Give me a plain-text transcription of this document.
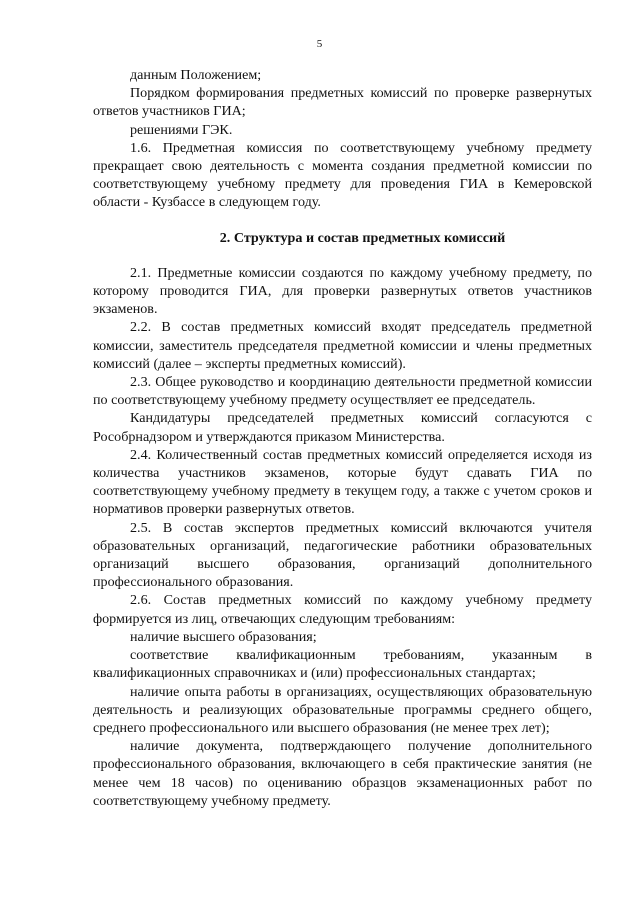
5

данным Положением;

Порядком формирования предметных комиссий по проверке развернутых ответов участников ГИА;

решениями ГЭК.

1.6. Предметная комиссия по соответствующему учебному предмету прекращает свою деятельность с момента создания предметной комиссии по соответствующему учебному предмету для проведения ГИА в Кемеровской области - Кузбассе в следующем году.

2. Структура и состав предметных комиссий

2.1. Предметные комиссии создаются по каждому учебному предмету, по которому проводится ГИА, для проверки развернутых ответов участников экзаменов.

2.2. В состав предметных комиссий входят председатель предметной комиссии, заместитель председателя предметной комиссии и члены предметных комиссий (далее – эксперты предметных комиссий).

2.3. Общее руководство и координацию деятельности предметной комиссии по соответствующему учебному предмету осуществляет ее председатель.

Кандидатуры председателей предметных комиссий согласуются с Рособрнадзором и утверждаются приказом Министерства.

2.4. Количественный состав предметных комиссий определяется исходя из количества участников экзаменов, которые будут сдавать ГИА по соответствующему учебному предмету в текущем году, а также с учетом сроков и нормативов проверки развернутых ответов.

2.5. В состав экспертов предметных комиссий включаются учителя образовательных организаций, педагогические работники образовательных организаций высшего образования, организаций дополнительного профессионального образования.

2.6. Состав предметных комиссий по каждому учебному предмету формируется из лиц, отвечающих следующим требованиям:

наличие высшего образования;

соответствие квалификационным требованиям, указанным в квалификационных справочниках и (или) профессиональных стандартах;

наличие опыта работы в организациях, осуществляющих образовательную деятельность и реализующих образовательные программы среднего общего, среднего профессионального или высшего образования (не менее трех лет);

наличие документа, подтверждающего получение дополнительного профессионального образования, включающего в себя практические занятия (не менее чем 18 часов) по оцениванию образцов экзаменационных работ по соответствующему учебному предмету.
